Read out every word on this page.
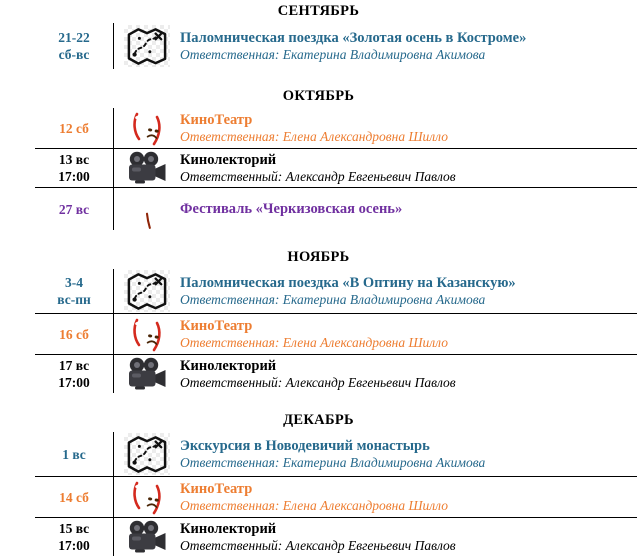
СЕНТЯБРЬ
21-22
сб-вс
Паломническая поездка «Золотая осень в Костроме»
Ответственная: Екатерина Владимировна Акимова
ОКТЯБРЬ
12 сб
КиноТеатр
Ответственная: Елена Александровна Шилло
13 вс
17:00
Кинолекторий
Ответственный: Александр Евгеньевич Павлов
27 вс	Фестиваль «Черкизовская осень»
НОЯБРЬ
3-4
вс-пн
Паломническая поездка «В Оптину на Казанскую»
Ответственная: Екатерина Владимировна Акимова
16 сб
КиноТеатр
Ответственная: Елена Александровна Шилло
17 вс
17:00
Кинолекторий
Ответственный: Александр Евгеньевич Павлов
ДЕКАБРЬ
1 вс
Экскурсия в Новодевичий монастырь
Ответственная: Екатерина Владимировна Акимова
14 сб
КиноТеатр
Ответственная: Елена Александровна Шилло
15 вс
17:00
Кинолекторий
Ответственный: Александр Евгеньевич Павлов
